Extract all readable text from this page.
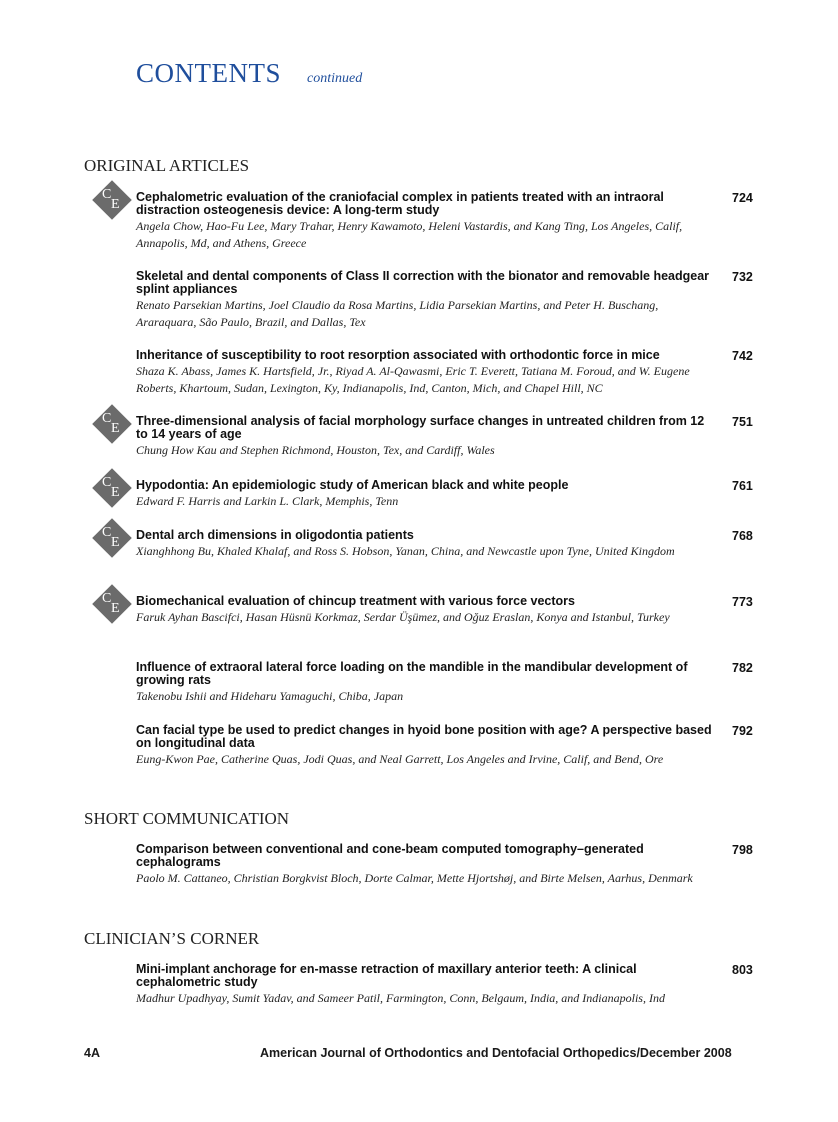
CONTENTS continued
ORIGINAL ARTICLES
Cephalometric evaluation of the craniofacial complex in patients treated with an intraoral distraction osteogenesis device: A long-term study
Angela Chow, Hao-Fu Lee, Mary Trahar, Henry Kawamoto, Heleni Vastardis, and Kang Ting, Los Angeles, Calif, Annapolis, Md, and Athens, Greece
724
Skeletal and dental components of Class II correction with the bionator and removable headgear splint appliances
Renato Parsekian Martins, Joel Claudio da Rosa Martins, Lidia Parsekian Martins, and Peter H. Buschang, Araraquara, São Paulo, Brazil, and Dallas, Tex
732
Inheritance of susceptibility to root resorption associated with orthodontic force in mice
Shaza K. Abass, James K. Hartsfield, Jr., Riyad A. Al-Qawasmi, Eric T. Everett, Tatiana M. Foroud, and W. Eugene Roberts, Khartoum, Sudan, Lexington, Ky, Indianapolis, Ind, Canton, Mich, and Chapel Hill, NC
742
Three-dimensional analysis of facial morphology surface changes in untreated children from 12 to 14 years of age
Chung How Kau and Stephen Richmond, Houston, Tex, and Cardiff, Wales
751
Hypodontia: An epidemiologic study of American black and white people
Edward F. Harris and Larkin L. Clark, Memphis, Tenn
761
Dental arch dimensions in oligodontia patients
Xianghhong Bu, Khaled Khalaf, and Ross S. Hobson, Yanan, China, and Newcastle upon Tyne, United Kingdom
768
Biomechanical evaluation of chincup treatment with various force vectors
Faruk Ayhan Bascifci, Hasan Hüsnü Korkmaz, Serdar Üşümez, and Oğuz Eraslan, Konya and Istanbul, Turkey
773
Influence of extraoral lateral force loading on the mandible in the mandibular development of growing rats
Takenobu Ishii and Hideharu Yamaguchi, Chiba, Japan
782
Can facial type be used to predict changes in hyoid bone position with age? A perspective based on longitudinal data
Eung-Kwon Pae, Catherine Quas, Jodi Quas, and Neal Garrett, Los Angeles and Irvine, Calif, and Bend, Ore
792
SHORT COMMUNICATION
Comparison between conventional and cone-beam computed tomography–generated cephalograms
Paolo M. Cattaneo, Christian Borgkvist Bloch, Dorte Calmar, Mette Hjortshøj, and Birte Melsen, Aarhus, Denmark
798
CLINICIAN’S CORNER
Mini-implant anchorage for en-masse retraction of maxillary anterior teeth: A clinical cephalometric study
Madhur Upadhyay, Sumit Yadav, and Sameer Patil, Farmington, Conn, Belgaum, India, and Indianapolis, Ind
803
4A	American Journal of Orthodontics and Dentofacial Orthopedics/December 2008
